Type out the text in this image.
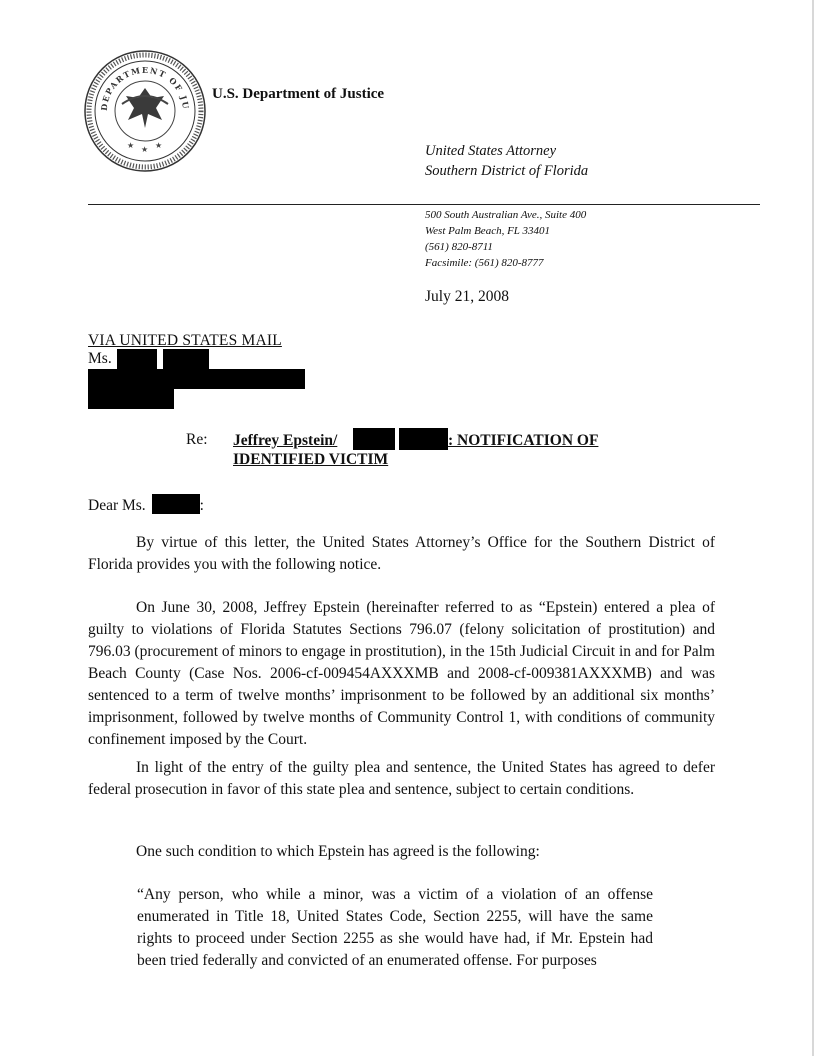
DEPARTMENT OF JU
★ ★ ★
U.S. Department of Justice
United States Attorney
Southern District of Florida
500 South Australian Ave., Suite 400
West Palm Beach, FL 33401
(561) 820-8711
Facsimile: (561) 820-8777
July 21, 2008
VIA UNITED STATES MAIL
Ms.
Re: Jeffrey Epstein/	: NOTIFICATION OF
IDENTIFIED VICTIM
Dear Ms.	:

By virtue of this letter, the United States Attorney’s Office for the Southern District of Florida provides you with the following notice.

On June 30, 2008, Jeffrey Epstein (hereinafter referred to as “Epstein) entered a plea of guilty to violations of Florida Statutes Sections 796.07 (felony solicitation of prostitution) and 796.03 (procurement of minors to engage in prostitution), in the 15th Judicial Circuit in and for Palm Beach County (Case Nos. 2006-cf-009454AXXXMB and 2008-cf-009381AXXXMB) and was sentenced to a term of twelve months’ imprisonment to be followed by an additional six months’ imprisonment, followed by twelve months of Community Control 1, with conditions of community confinement imposed by the Court.

In light of the entry of the guilty plea and sentence, the United States has agreed to defer federal prosecution in favor of this state plea and sentence, subject to certain conditions.

One such condition to which Epstein has agreed is the following:

“Any person, who while a minor, was a victim of a violation of an offense enumerated in Title 18, United States Code, Section 2255, will have the same rights to proceed under Section 2255 as she would have had, if Mr. Epstein had been tried federally and convicted of an enumerated offense. For purposes
